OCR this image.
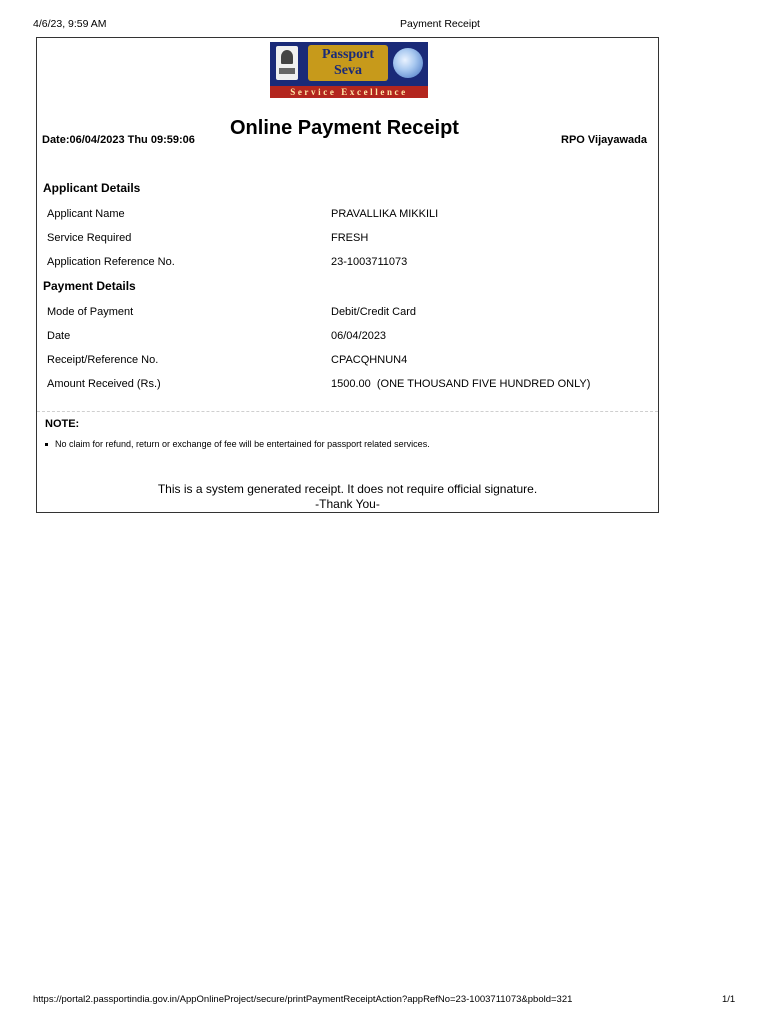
4/6/23, 9:59 AM	Payment Receipt
Passport
Seva
Service Excellence
Date:06/04/2023 Thu 09:59:06
Online Payment Receipt
RPO Vijayawada
Applicant Details
Applicant Name	PRAVALLIKA MIKKILI
Service Required	FRESH
Application Reference No.	23-1003711073
Payment Details
Mode of Payment	Debit/Credit Card
Date	06/04/2023
Receipt/Reference No.	CPACQHNUN4
Amount Received (Rs.)	1500.00  (ONE THOUSAND FIVE HUNDRED ONLY)
NOTE:
No claim for refund, return or exchange of fee will be entertained for passport related services.
This is a system generated receipt. It does not require official signature.
-Thank You-
https://portal2.passportindia.gov.in/AppOnlineProject/secure/printPaymentReceiptAction?appRefNo=23-1003711073&pbold=321	1/1
